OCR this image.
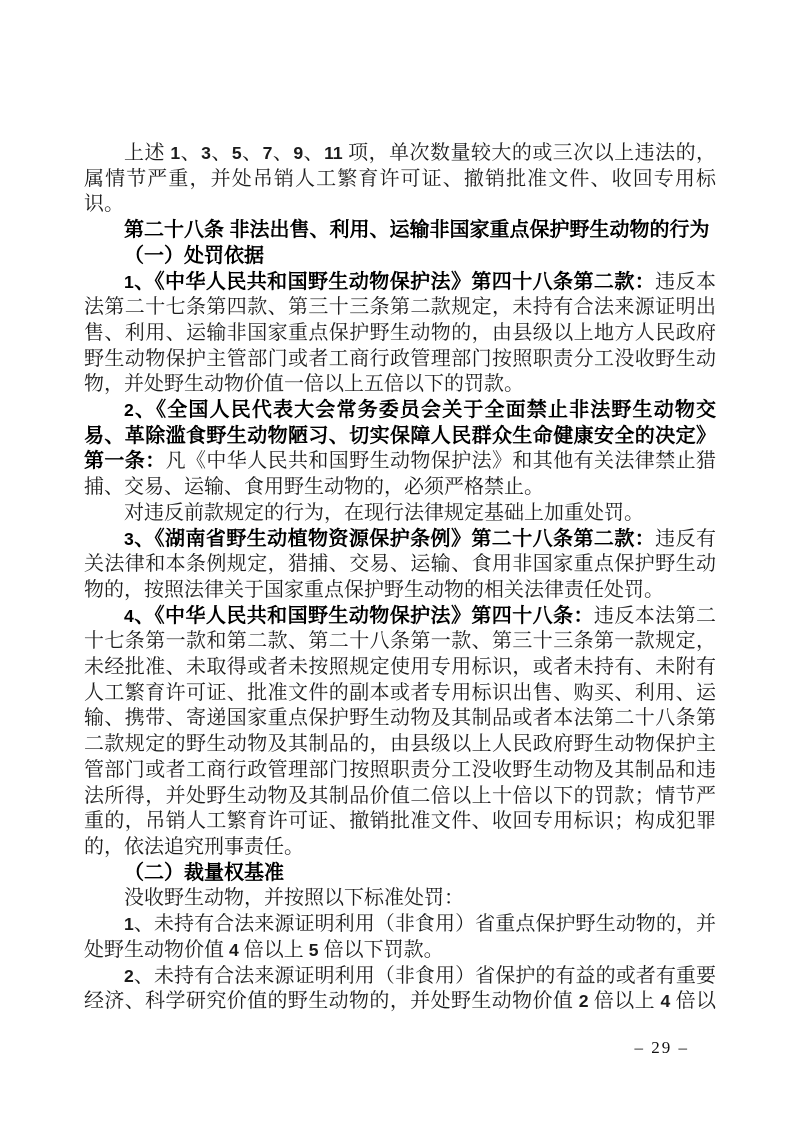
上述 1、3、5、7、9、11 项，单次数量较大的或三次以上违法的，属情节严重，并处吊销人工繁育许可证、撤销批准文件、收回专用标识。

第二十八条 非法出售、利用、运输非国家重点保护野生动物的行为

（一）处罚依据

1、《中华人民共和国野生动物保护法》第四十八条第二款：违反本法第二十七条第四款、第三十三条第二款规定，未持有合法来源证明出售、利用、运输非国家重点保护野生动物的，由县级以上地方人民政府野生动物保护主管部门或者工商行政管理部门按照职责分工没收野生动物，并处野生动物价值一倍以上五倍以下的罚款。

2、《全国人民代表大会常务委员会关于全面禁止非法野生动物交易、革除滥食野生动物陋习、切实保障人民群众生命健康安全的决定》第一条：凡《中华人民共和国野生动物保护法》和其他有关法律禁止猎捕、交易、运输、食用野生动物的，必须严格禁止。

对违反前款规定的行为，在现行法律规定基础上加重处罚。

3、《湖南省野生动植物资源保护条例》第二十八条第二款：违反有关法律和本条例规定，猎捕、交易、运输、食用非国家重点保护野生动物的，按照法律关于国家重点保护野生动物的相关法律责任处罚。

4、《中华人民共和国野生动物保护法》第四十八条：违反本法第二十七条第一款和第二款、第二十八条第一款、第三十三条第一款规定，未经批准、未取得或者未按照规定使用专用标识，或者未持有、未附有人工繁育许可证、批准文件的副本或者专用标识出售、购买、利用、运输、携带、寄递国家重点保护野生动物及其制品或者本法第二十八条第二款规定的野生动物及其制品的，由县级以上人民政府野生动物保护主管部门或者工商行政管理部门按照职责分工没收野生动物及其制品和违法所得，并处野生动物及其制品价值二倍以上十倍以下的罚款；情节严重的，吊销人工繁育许可证、撤销批准文件、收回专用标识；构成犯罪的，依法追究刑事责任。

（二）裁量权基准

没收野生动物，并按照以下标准处罚：

1、未持有合法来源证明利用（非食用）省重点保护野生动物的，并处野生动物价值 4 倍以上 5 倍以下罚款。

2、未持有合法来源证明利用（非食用）省保护的有益的或者有重要经济、科学研究价值的野生动物的，并处野生动物价值 2 倍以上 4 倍以

– 29 –
